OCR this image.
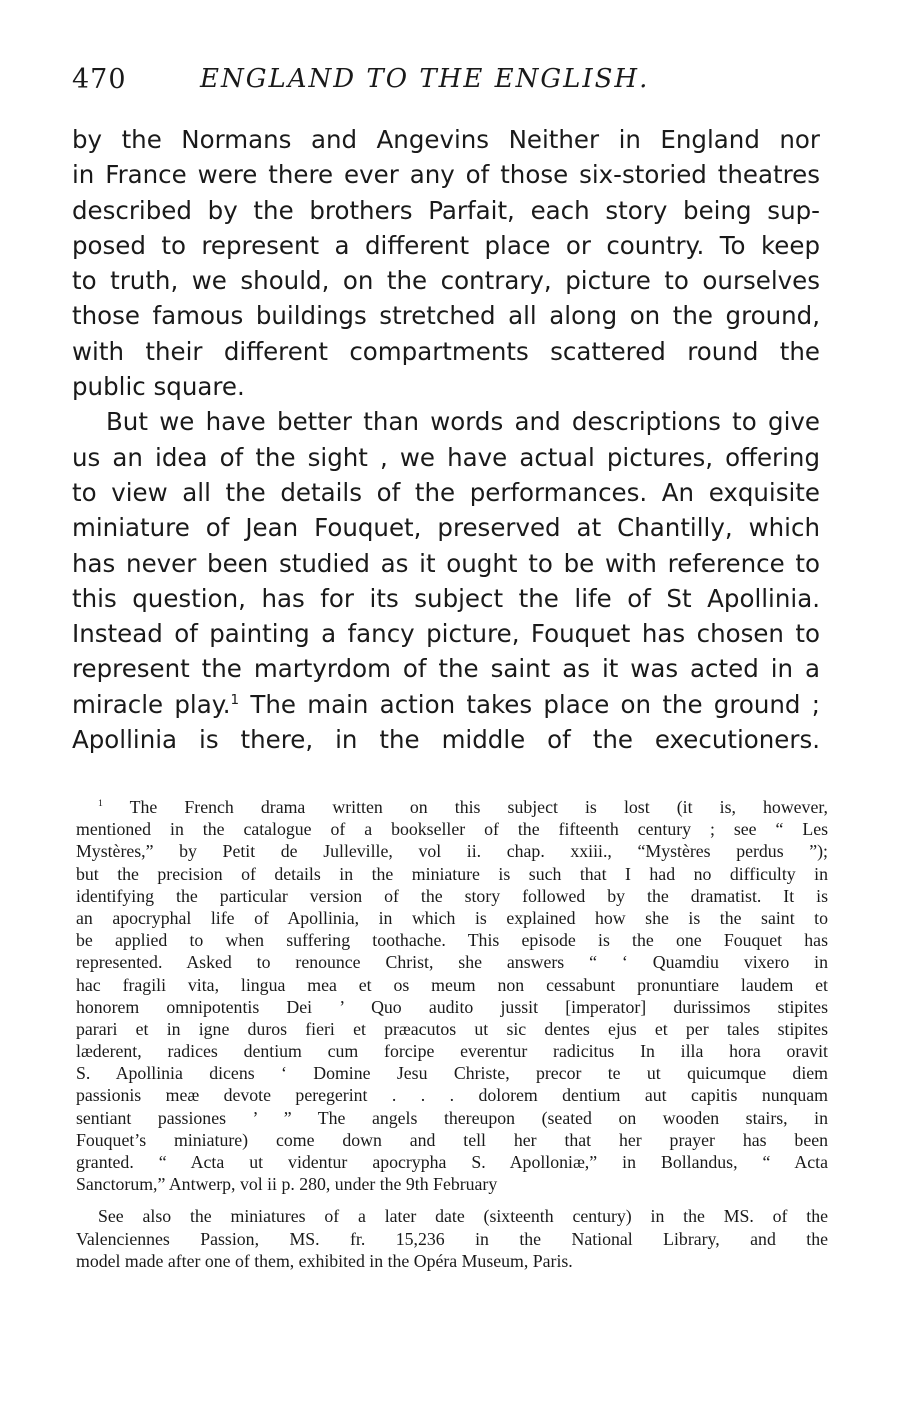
470	ENGLAND TO THE ENGLISH.
by the Normans and Angevins Neither in England nor
in France were there ever any of those six-storied theatres
described by the brothers Parfait, each story being sup-
posed to represent a different place or country. To keep
to truth, we should, on the contrary, picture to ourselves
those famous buildings stretched all along on the ground,
with their different compartments scattered round the
public square.
But we have better than words and descriptions to give
us an idea of the sight , we have actual pictures, offering
to view all the details of the performances. An exquisite
miniature of Jean Fouquet, preserved at Chantilly, which
has never been studied as it ought to be with reference to
this question, has for its subject the life of St Apollinia.
Instead of painting a fancy picture, Fouquet has chosen to
represent the martyrdom of the saint as it was acted in a
miracle play.$^1$ The main action takes place on the ground ;
Apollinia is there, in the middle of the executioners.
$^1$ The French drama written on this subject is lost (it is, however,
mentioned in the catalogue of a bookseller of the fifteenth century ; see “ Les
Mystères,” by Petit de Julleville, vol ii. chap. xxiii., “Mystères perdus ”);
but the precision of details in the miniature is such that I had no difficulty in
identifying the particular version of the story followed by the dramatist. It is
an apocryphal life of Apollinia, in which is explained how she is the saint to
be applied to when suffering toothache. This episode is the one Fouquet has
represented. Asked to renounce Christ, she answers “ ‘ Quamdiu vixero in
hac fragili vita, lingua mea et os meum non cessabunt pronuntiare laudem et
honorem omnipotentis Dei ’ Quo audito jussit [imperator] durissimos stipites
parari et in igne duros fieri et præacutos ut sic dentes ejus et per tales stipites
læderent, radices dentium cum forcipe everentur radicitus In illa hora oravit
S. Apollinia dicens ‘ Domine Jesu Christe, precor te ut quicumque diem
passionis meæ devote peregerint . . . dolorem dentium aut capitis nunquam
sentiant passiones ’ ” The angels thereupon (seated on wooden stairs, in
Fouquet’s miniature) come down and tell her that her prayer has been
granted. “ Acta ut videntur apocrypha S. Apolloniæ,” in Bollandus, “ Acta
Sanctorum,” Antwerp, vol ii p. 280, under the 9th February
See also the miniatures of a later date (sixteenth century) in the MS. of the
Valenciennes Passion, MS. fr. 15,236 in the National Library, and the
model made after one of them, exhibited in the Opéra Museum, Paris.
